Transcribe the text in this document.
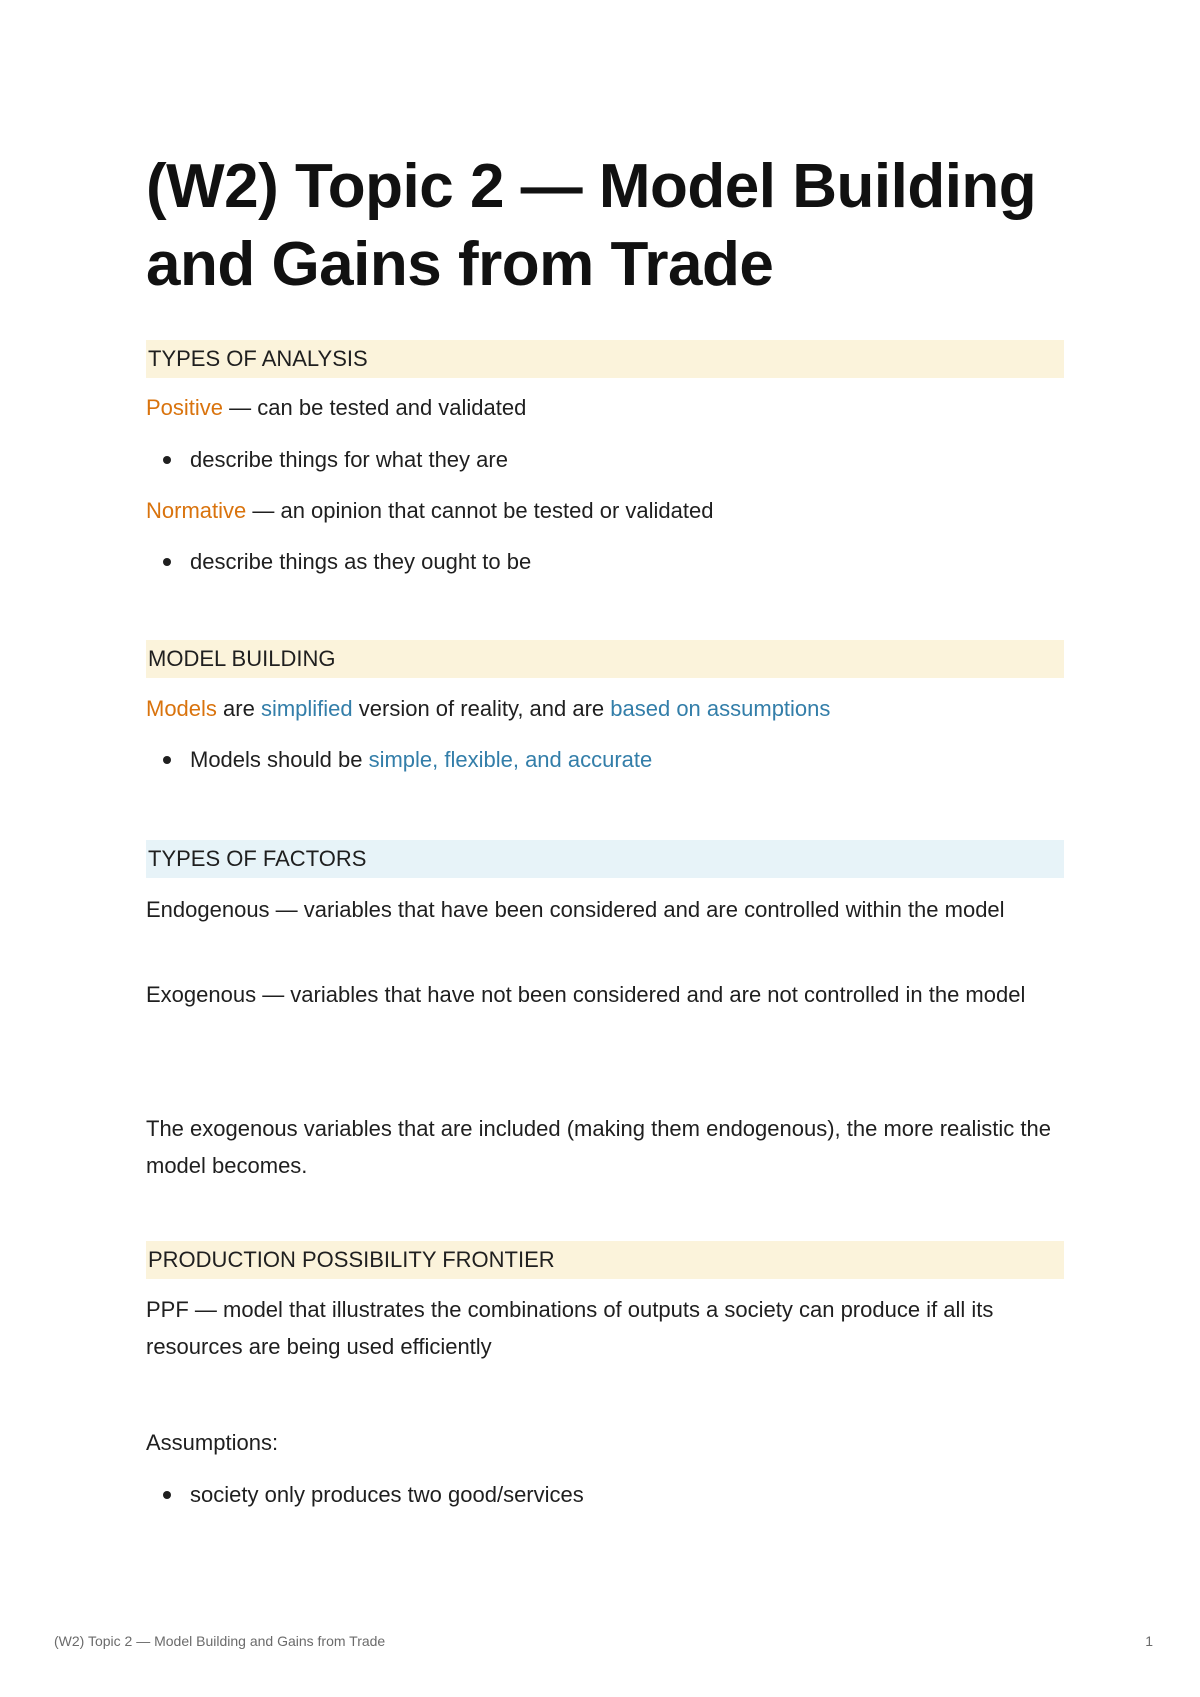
(W2) Topic 2 — Model Building and Gains from Trade
TYPES OF ANALYSIS

Positive — can be tested and validated

describe things for what they are

Normative — an opinion that cannot be tested or validated

describe things as they ought to be

MODEL BUILDING

Models are simplified version of reality, and are based on assumptions

Models should be simple, flexible, and accurate

TYPES OF FACTORS

Endogenous — variables that have been considered and are controlled within the model

Exogenous — variables that have not been considered and are not controlled in the model

The exogenous variables that are included (making them endogenous), the more realistic the model becomes.

PRODUCTION POSSIBILITY FRONTIER

PPF — model that illustrates the combinations of outputs a society can produce if all its resources are being used efficiently

Assumptions:

society only produces two good/services

(W2) Topic 2 — Model Building and Gains from Trade	1
